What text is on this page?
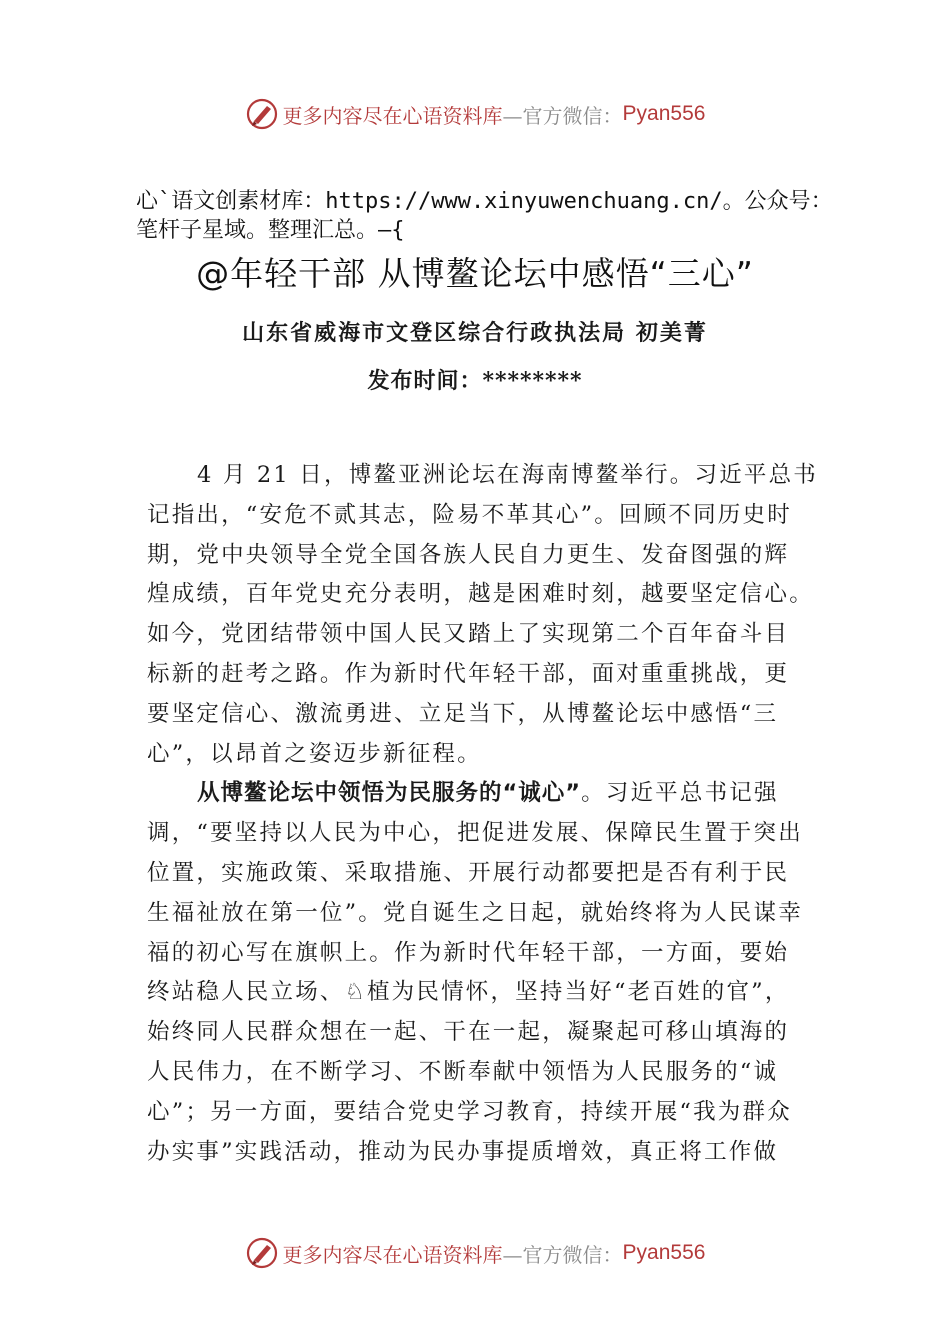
更多内容尽在心语资料库 —官方微信： Pyan556
心`语文创素材库：https://www.xinyuwenchuang.cn/。公众号：
笔杆子星域。整理汇总。—{
@年轻干部 从博鳌论坛中感悟“三心”
山东省威海市文登区综合行政执法局 初美菁
发布时间：********
4 月 21 日，博鳌亚洲论坛在海南博鳌举行。习近平总书
记指出，“安危不贰其志，险易不革其心”。回顾不同历史时
期，党中央领导全党全国各族人民自力更生、发奋图强的辉
煌成绩，百年党史充分表明，越是困难时刻，越要坚定信心。
如今，党团结带领中国人民又踏上了实现第二个百年奋斗目
标新的赶考之路。作为新时代年轻干部，面对重重挑战，更
要坚定信心、激流勇进、立足当下，从博鳌论坛中感悟“三
心”，以昂首之姿迈步新征程。
从博鳌论坛中领悟为民服务的“诚心”。习近平总书记强
调，“要坚持以人民为中心，把促进发展、保障民生置于突出
位置，实施政策、采取措施、开展行动都要把是否有利于民
生福祉放在第一位”。党自诞生之日起，就始终将为人民谋幸
福的初心写在旗帜上。作为新时代年轻干部，一方面，要始
终站稳人民立场、♘植为民情怀，坚持当好“老百姓的官”，
始终同人民群众想在一起、干在一起，凝聚起可移山填海的
人民伟力，在不断学习、不断奉献中领悟为人民服务的“诚
心”；另一方面，要结合党史学习教育，持续开展“我为群众
办实事”实践活动，推动为民办事提质增效，真正将工作做
更多内容尽在心语资料库 —官方微信： Pyan556
